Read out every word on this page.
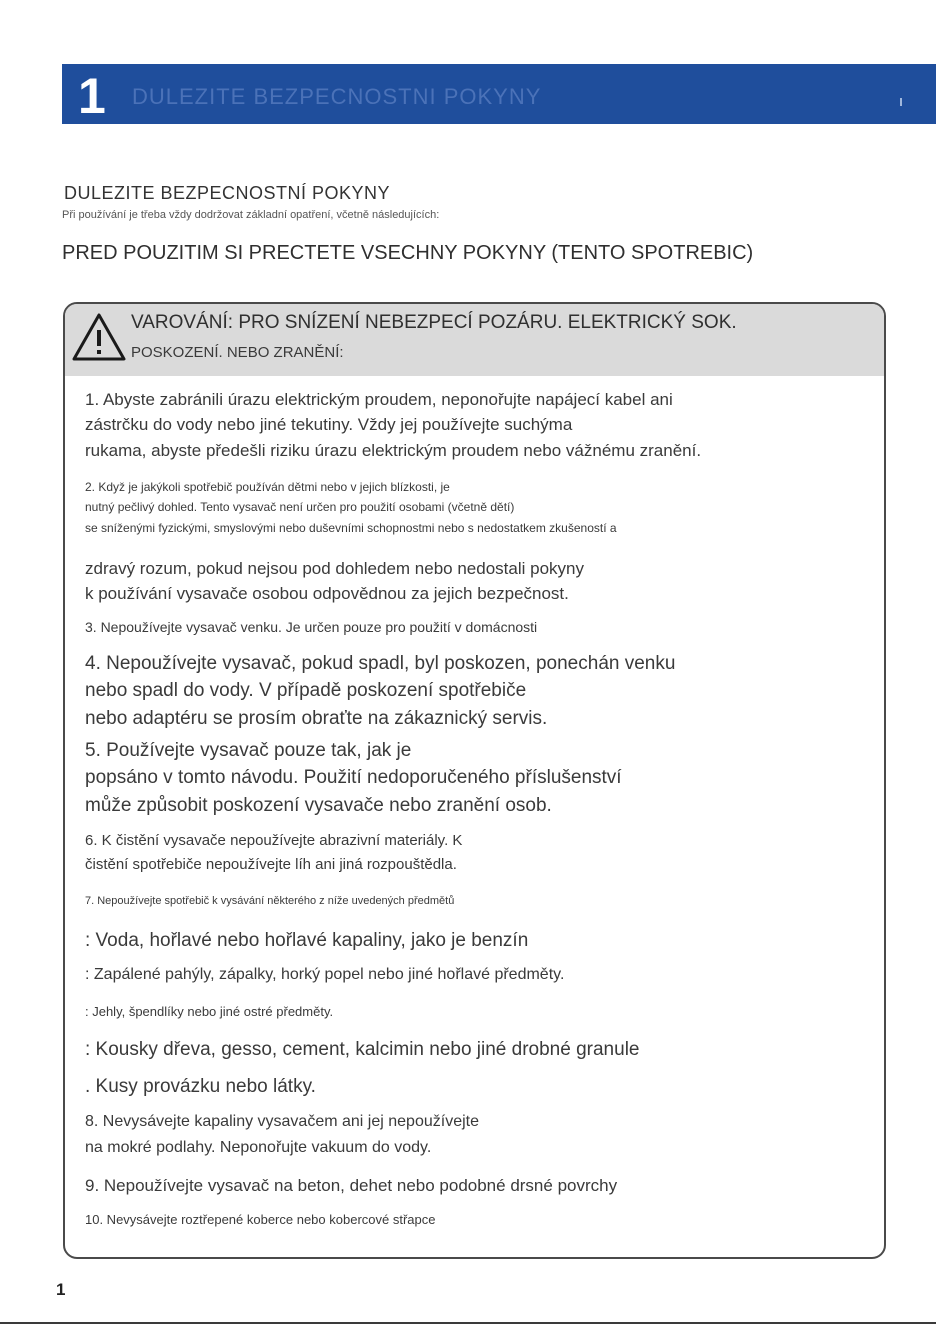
1 DULEZITE BEZPECNOSTNI POKYNY
DULEZITE BEZPECNOSTNÍ POKYNY
Při používání je třeba vždy dodržovat základní opatření, včetně následujících:
PRED POUZITIM SI PRECTETE VSECHNY POKYNY (TENTO SPOTREBIC)
VAROVÁNÍ: PRO SNÍZENÍ NEBEZPECÍ POZÁRU. ELEKTRICKÝ SOK.
POSKOZENÍ. NEBO ZRANĚNÍ:
1. Abyste zabránili úrazu elektrickým proudem, neponořujte napájecí kabel ani
zástrčku do vody nebo jiné tekutiny. Vždy jej používejte suchýma
rukama, abyste předešli riziku úrazu elektrickým proudem nebo vážnému zranění.
2. Když je jakýkoli spotřebič používán dětmi nebo v jejich blízkosti, je
nutný pečlivý dohled. Tento vysavač není určen pro použití osobami (včetně dětí)
se sníženými fyzickými, smyslovými nebo duševními schopnostmi nebo s nedostatkem zkušeností a
zdravý rozum, pokud nejsou pod dohledem nebo nedostali pokyny
k používání vysavače osobou odpovědnou za jejich bezpečnost.
3. Nepoužívejte vysavač venku. Je určen pouze pro použití v domácnosti
4. Nepoužívejte vysavač, pokud spadl, byl poskozen, ponechán venku
nebo spadl do vody. V případě poskození spotřebiče
nebo adaptéru se prosím obraťte na zákaznický servis.
5. Používejte vysavač pouze tak, jak je
popsáno v tomto návodu. Použití nedoporučeného příslušenství
může způsobit poskození vysavače nebo zranění osob.
6. K čistění vysavače nepoužívejte abrazivní materiály. K
čistění spotřebiče nepoužívejte líh ani jiná rozpouštědla.
7. Nepoužívejte spotřebič k vysávání některého z níže uvedených předmětů
: Voda, hořlavé nebo hořlavé kapaliny, jako je benzín
: Zapálené pahýly, zápalky, horký popel nebo jiné hořlavé předměty.
: Jehly, špendlíky nebo jiné ostré předměty.
: Kousky dřeva, gesso, cement, kalcimin nebo jiné drobné granule
. Kusy provázku nebo látky.
8. Nevysávejte kapaliny vysavačem ani jej nepoužívejte
na mokré podlahy. Neponořujte vakuum do vody.
9. Nepoužívejte vysavač na beton, dehet nebo podobné drsné povrchy
10. Nevysávejte roztřepené koberce nebo kobercové střapce
1
